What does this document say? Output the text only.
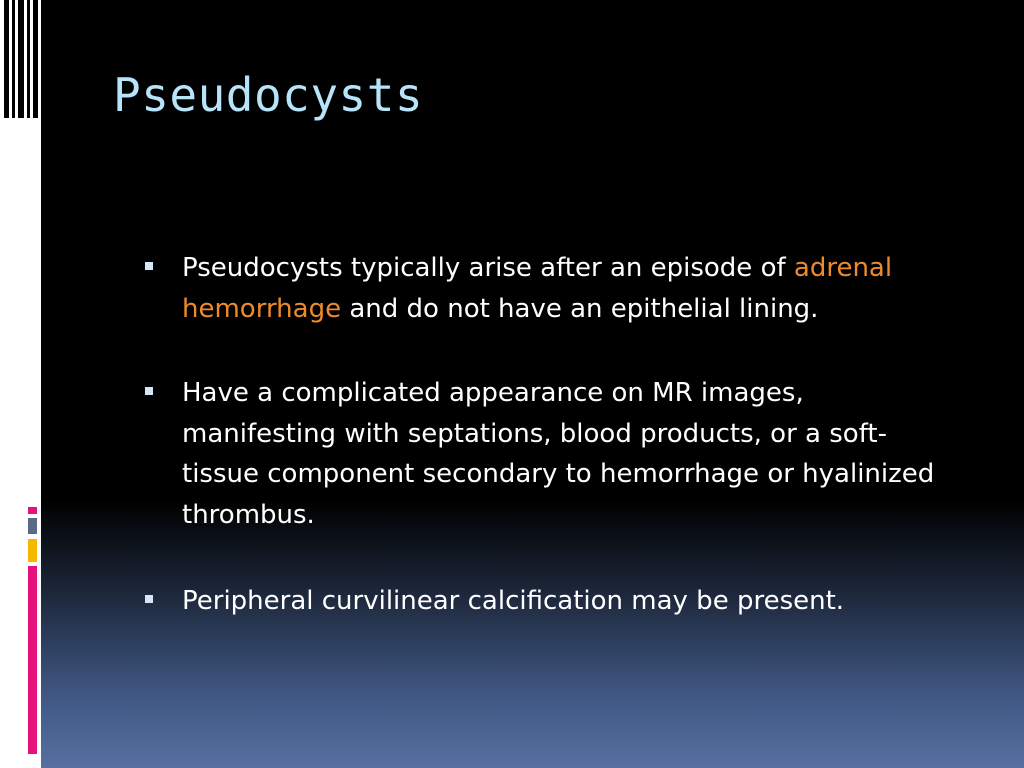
Pseudocysts
Pseudocysts typically arise after an episode of adrenal hemorrhage and do not have an epithelial lining.
Have a complicated appearance on MR images, manifesting with septations, blood products, or a soft-tissue component secondary to hemorrhage or hyalinized thrombus.
Peripheral curvilinear calcification may be present.
